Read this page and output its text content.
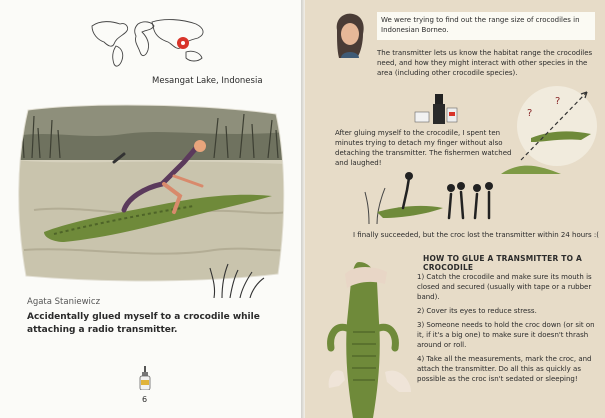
Mesangat Lake, Indonesia

Agata Staniewicz

Accidentally glued myself to a crocodile while attaching a radio transmitter.

6

We were trying to find out the range size of crocodiles in Indonesian Borneo.

The transmitter lets us know the habitat range the crocodiles need, and how they might interact with other species in the area (including other crocodile species).

?
?

After gluing myself to the crocodile, I spent ten minutes trying to detach my finger without also detaching the transmitter. The fishermen watched and laughed!

I finally succeeded, but the croc lost the transmitter within 24 hours :(

HOW TO GLUE A TRANSMITTER TO A CROCODILE

1) Catch the crocodile and make sure its mouth is closed and secured (usually with tape or a rubber band).

2) Cover its eyes to reduce stress.

3) Someone needs to hold the croc down (or sit on it, if it's a big one) to make sure it doesn't thrash around or roll.

4) Take all the measurements, mark the croc, and attach the transmitter. Do all this as quickly as possible as the croc isn't sedated or sleeping!
